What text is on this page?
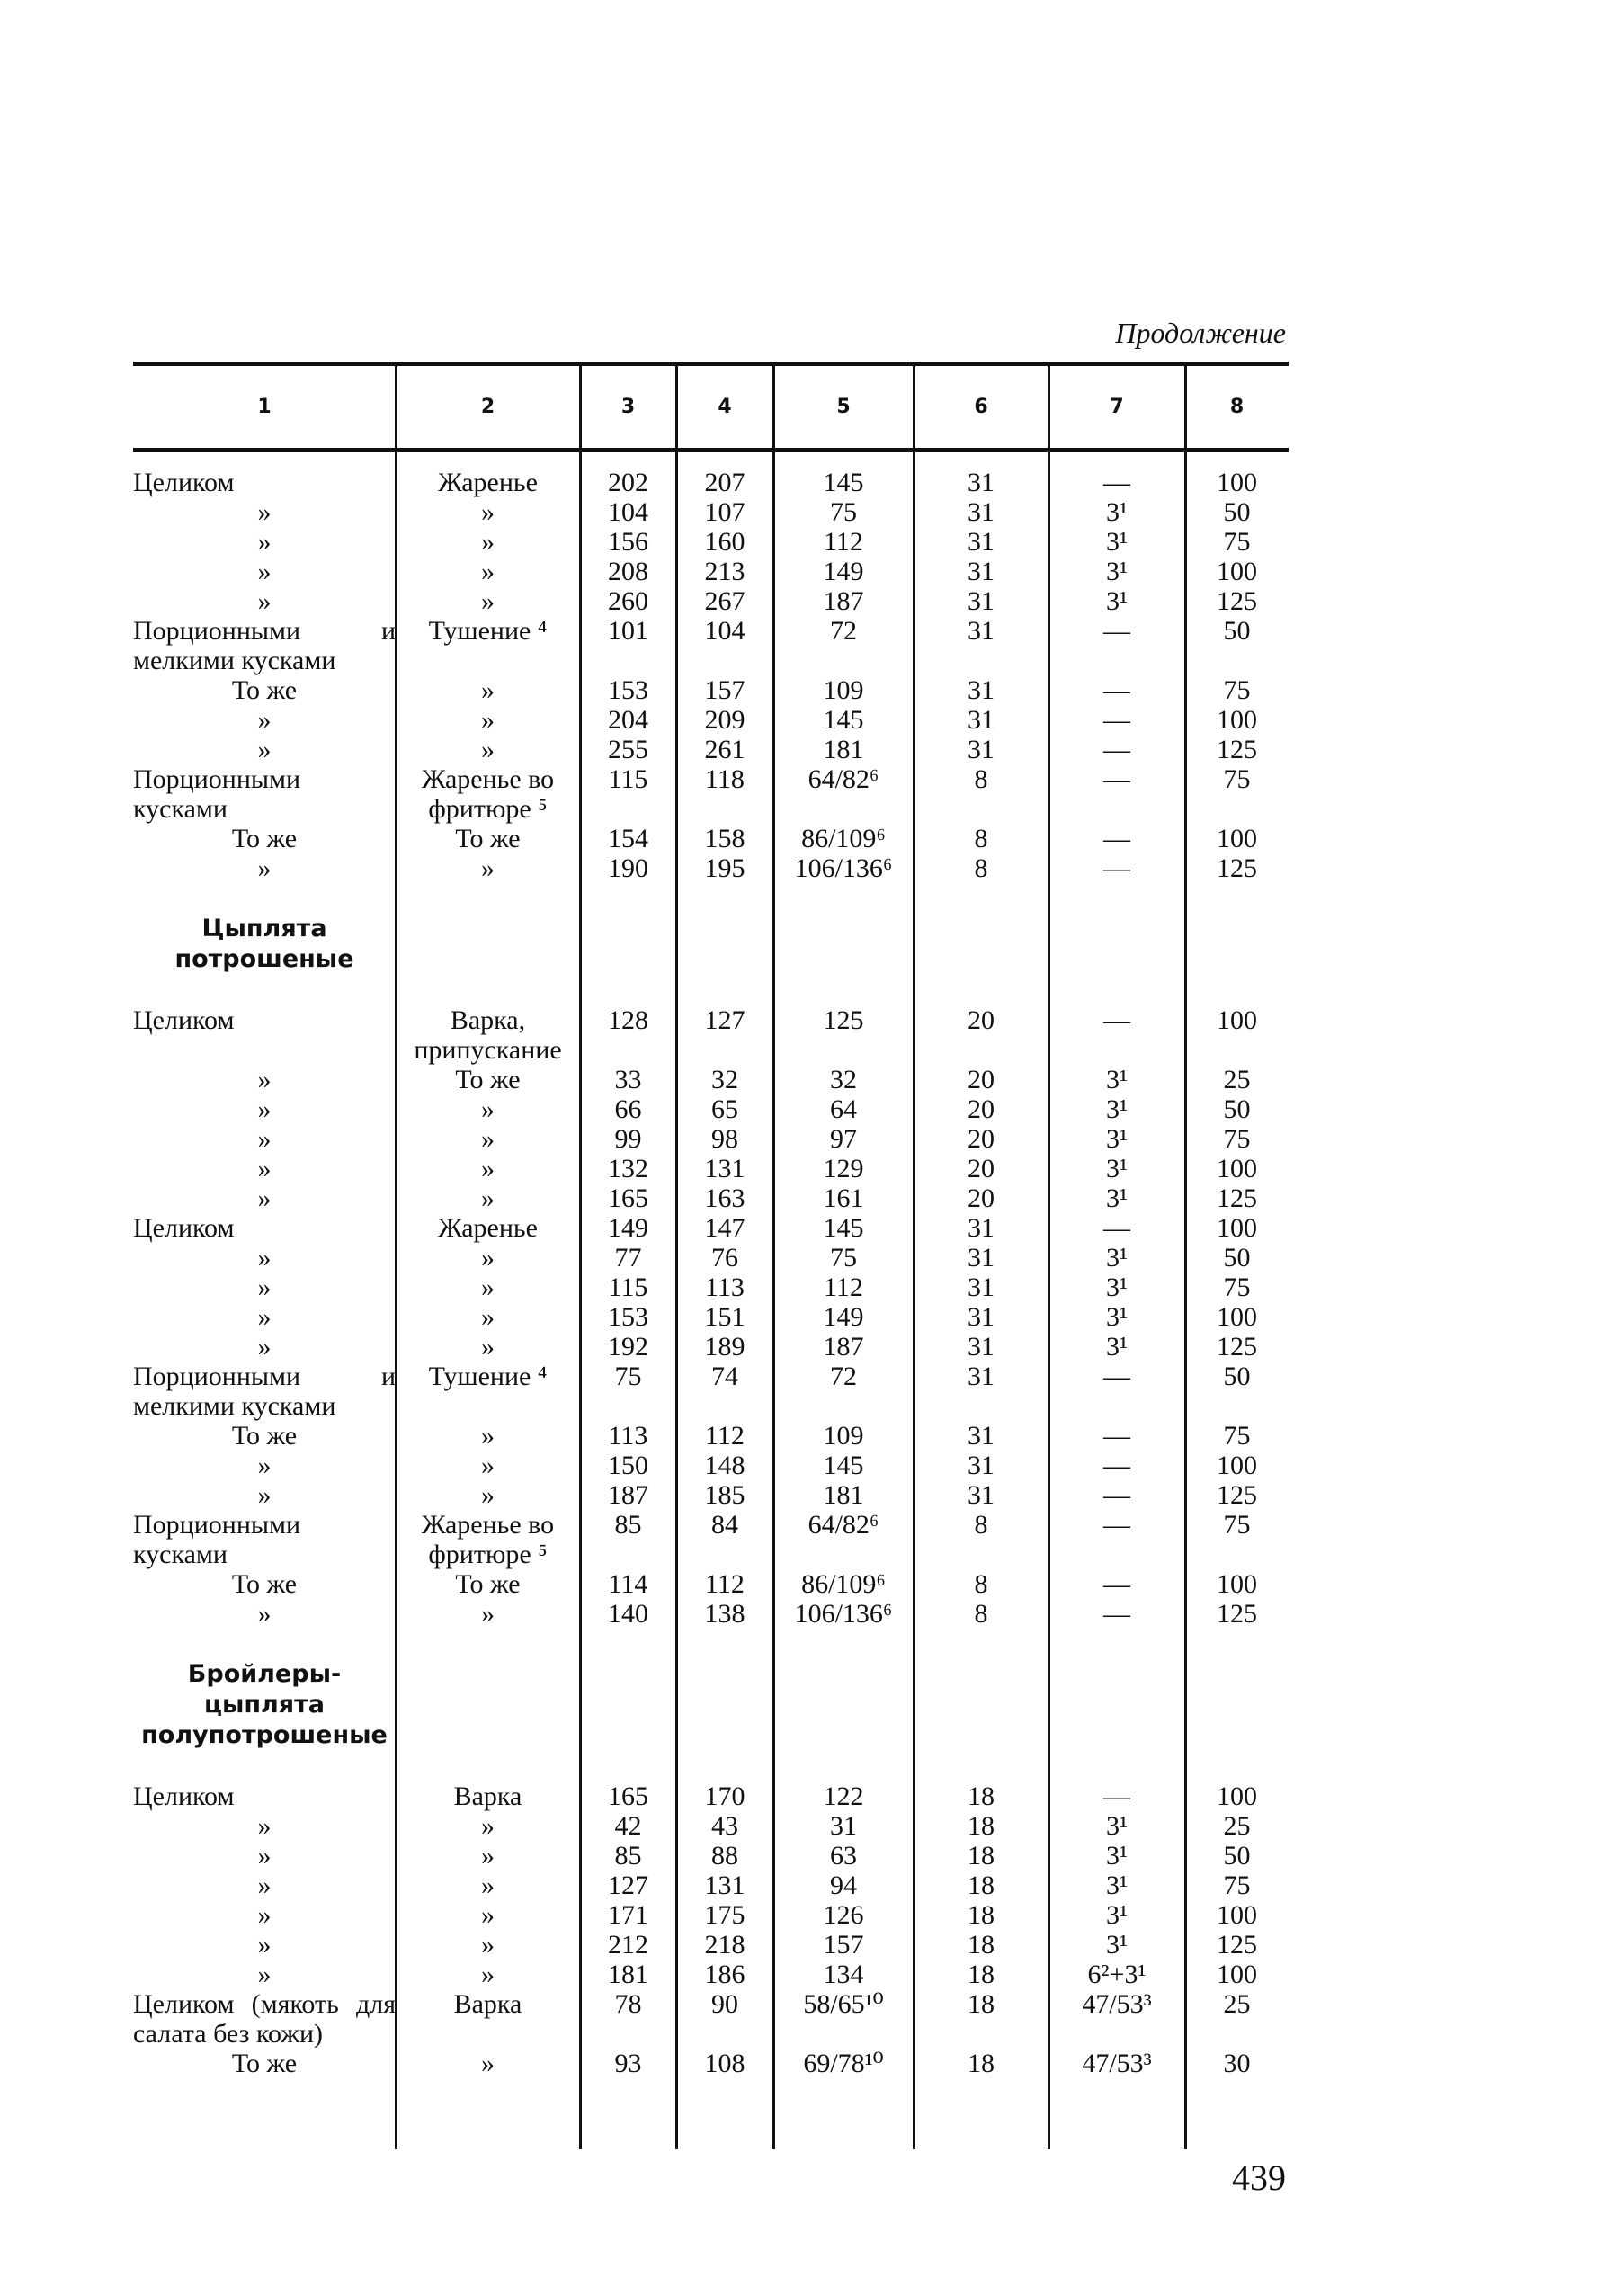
Продолжение
1	2	3	4	5	6	7	8

Целиком	Жаренье	202	207	145	31	—	100
»	»	104	107	75	31	3¹	50
»	»	156	160	112	31	3¹	75
»	»	208	213	149	31	3¹	100
»	»	260	267	187	31	3¹	125
Порционными и мелкими кусками	Тушение ⁴	101	104	72	31	—	50
То же	»	153	157	109	31	—	75
»	»	204	209	145	31	—	100
»	»	255	261	181	31	—	125
Порционными кусками	Жаренье во фритюре ⁵	115	118	64/82⁶	8	—	75
То же	То же	154	158	86/109⁶	8	—	100
»	»	190	195	106/136⁶	8	—	125

Цыплята потрошеные							

Целиком	Варка, припускание	128	127	125	20	—	100
»	То же	33	32	32	20	3¹	25
»	»	66	65	64	20	3¹	50
»	»	99	98	97	20	3¹	75
»	»	132	131	129	20	3¹	100
»	»	165	163	161	20	3¹	125
Целиком	Жаренье	149	147	145	31	—	100
»	»	77	76	75	31	3¹	50
»	»	115	113	112	31	3¹	75
»	»	153	151	149	31	3¹	100
»	»	192	189	187	31	3¹	125
Порционными и мелкими кусками	Тушение ⁴	75	74	72	31	—	50
То же	»	113	112	109	31	—	75
»	»	150	148	145	31	—	100
»	»	187	185	181	31	—	125
Порционными кусками	Жаренье во фритюре ⁵	85	84	64/82⁶	8	—	75
То же	То же	114	112	86/109⁶	8	—	100
»	»	140	138	106/136⁶	8	—	125

Бройлеры-цыплята полупотрошеные							

Целиком	Варка	165	170	122	18	—	100
»	»	42	43	31	18	3¹	25
»	»	85	88	63	18	3¹	50
»	»	127	131	94	18	3¹	75
»	»	171	175	126	18	3¹	100
»	»	212	218	157	18	3¹	125
»	»	181	186	134	18	6²+3¹	100
Целиком (мякоть для салата без кожи)	Варка	78	90	58/65¹⁰	18	47/53³	25
То же	»	93	108	69/78¹⁰	18	47/53³	30
439
